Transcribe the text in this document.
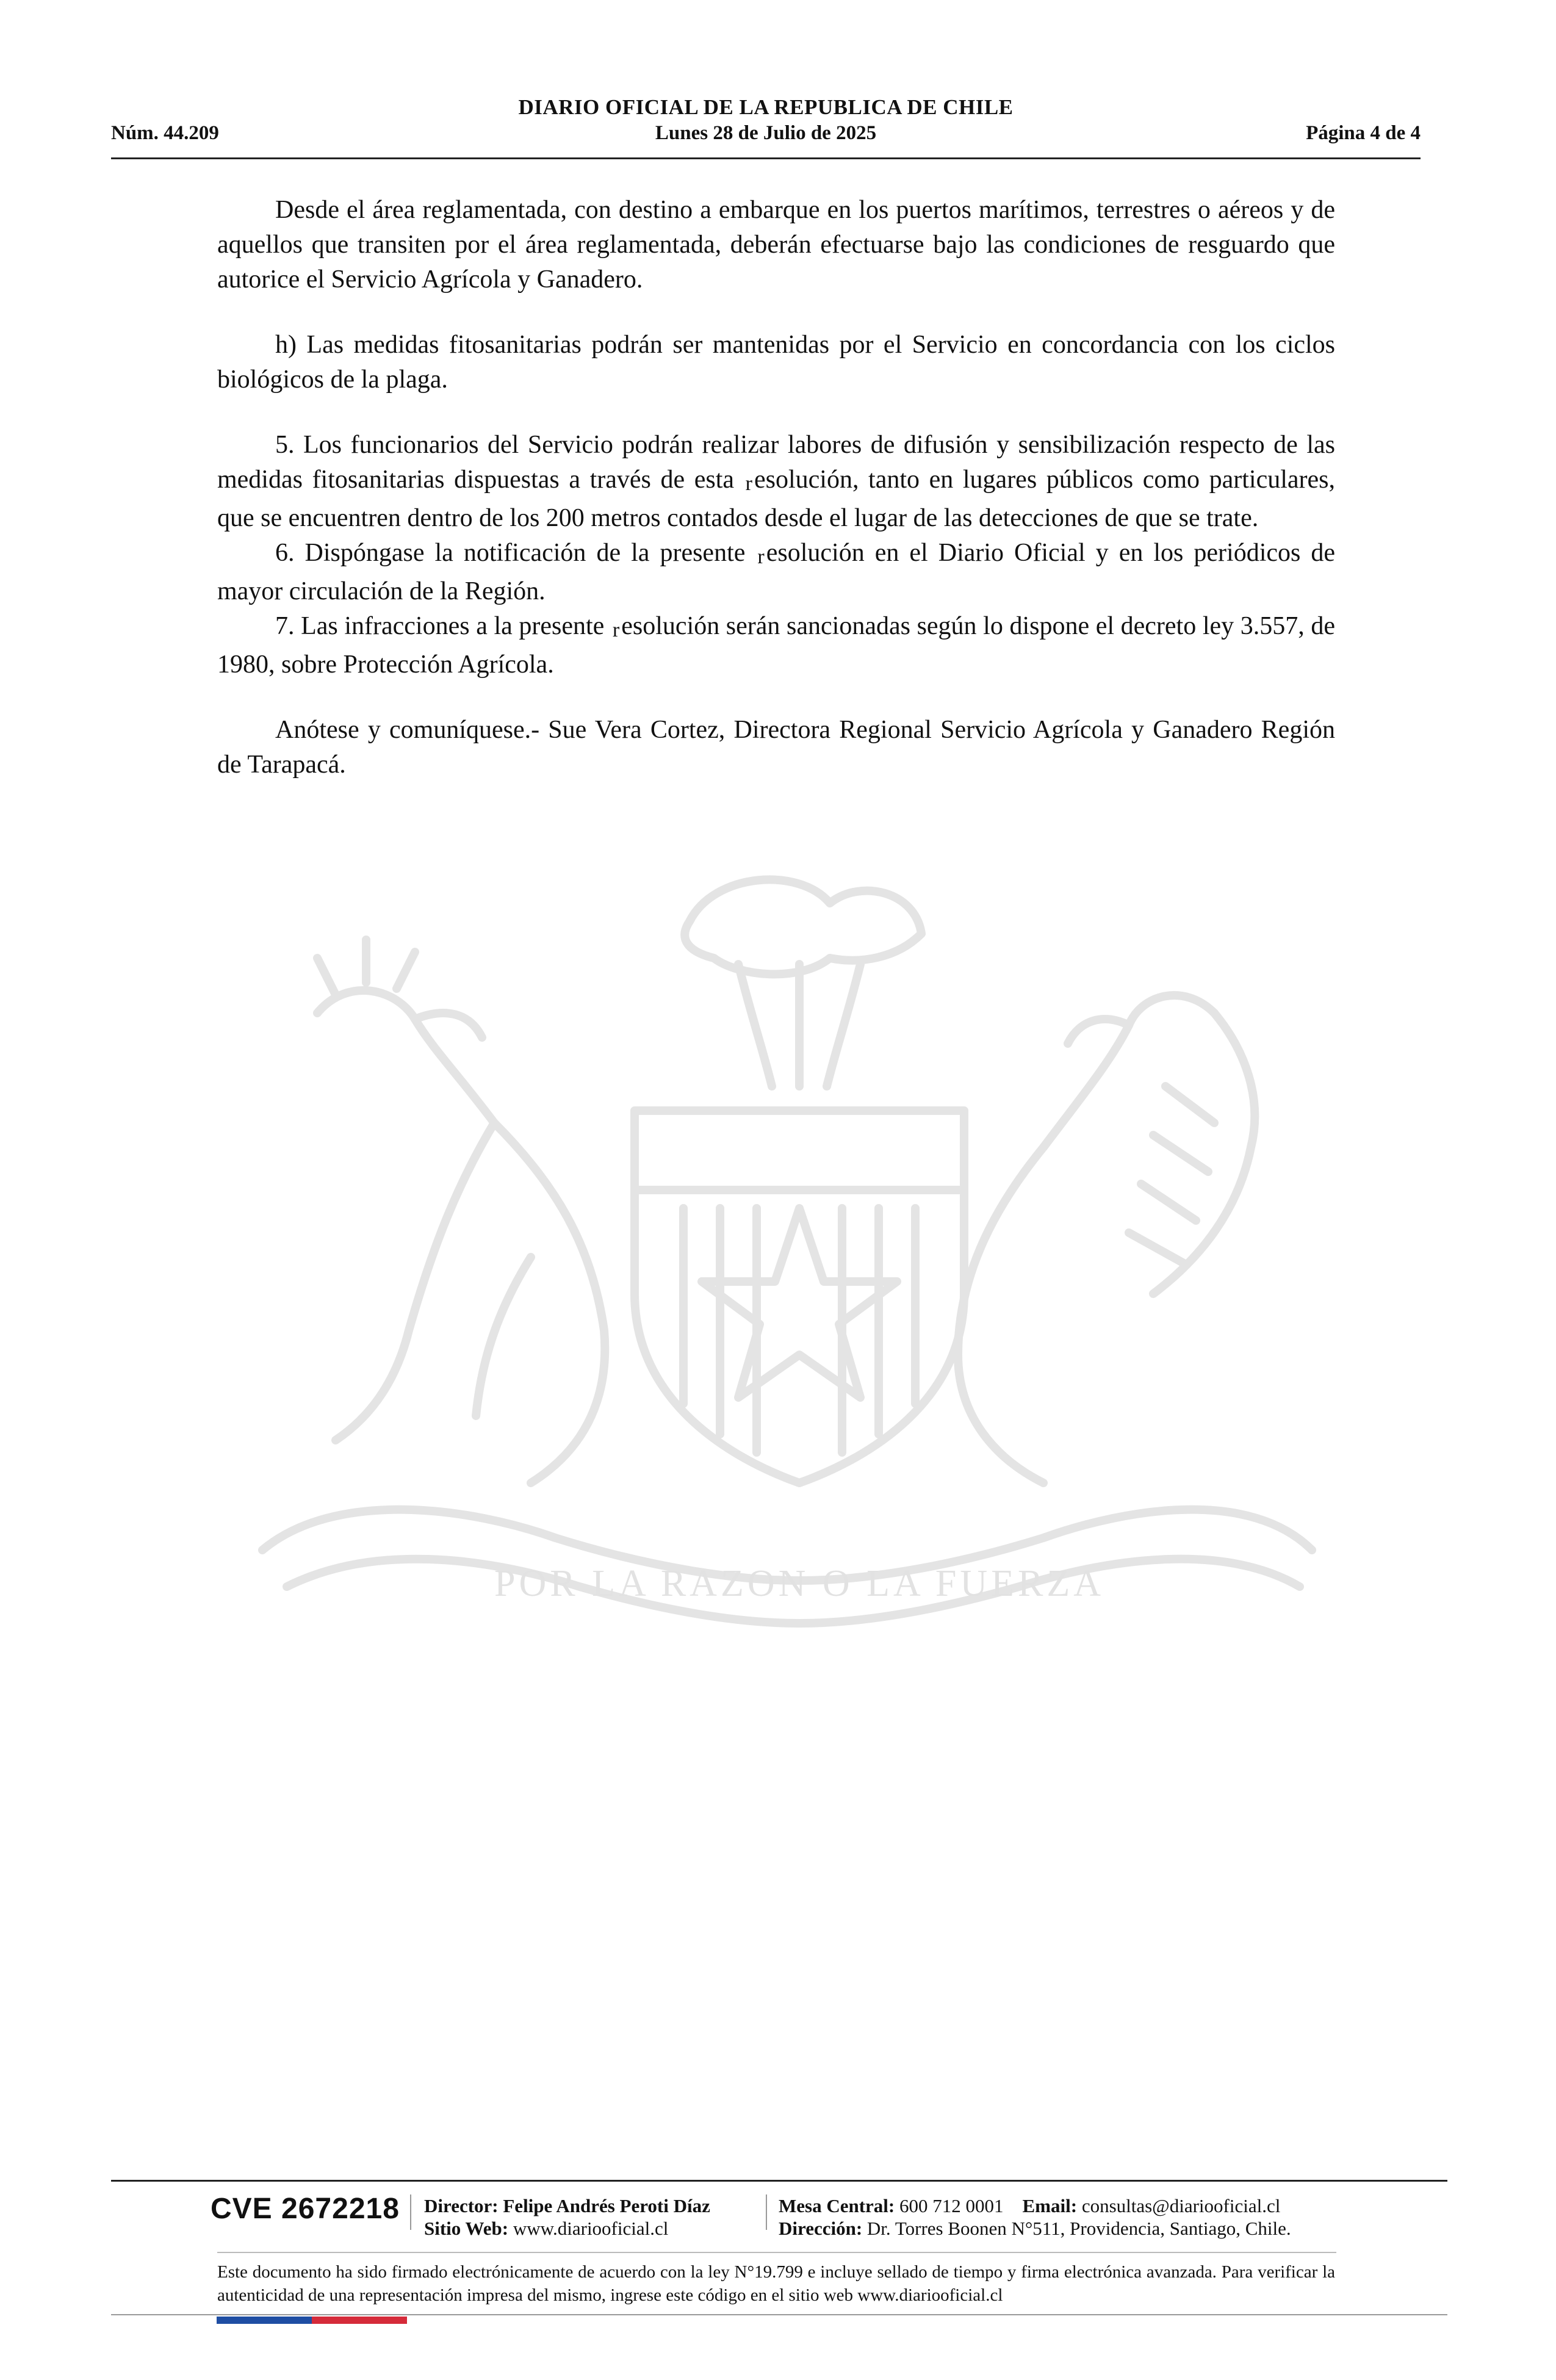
DIARIO OFICIAL DE LA REPUBLICA DE CHILE
Núm. 44.209	Lunes 28 de Julio de 2025	Página 4 de 4

Desde el área reglamentada, con destino a embarque en los puertos marítimos, terrestres o aéreos y de aquellos que transiten por el área reglamentada, deberán efectuarse bajo las condiciones de resguardo que autorice el Servicio Agrícola y Ganadero.

h) Las medidas fitosanitarias podrán ser mantenidas por el Servicio en concordancia con los ciclos biológicos de la plaga.

5. Los funcionarios del Servicio podrán realizar labores de difusión y sensibilización respecto de las medidas fitosanitarias dispuestas a través de esta resolución, tanto en lugares públicos como particulares, que se encuentren dentro de los 200 metros contados desde el lugar de las detecciones de que se trate.

6. Dispóngase la notificación de la presente resolución en el Diario Oficial y en los periódicos de mayor circulación de la Región.

7. Las infracciones a la presente resolución serán sancionadas según lo dispone el decreto ley 3.557, de 1980, sobre Protección Agrícola.

Anótese y comuníquese.- Sue Vera Cortez, Directora Regional Servicio Agrícola y Ganadero Región de Tarapacá.

POR LA RAZON O LA FUERZA
CVE 2672218 Director: Felipe Andrés Peroti Díaz
Sitio Web: www.diariooficial.cl
Mesa Central: 600 712 0001 Email: consultas@diariooficial.cl
Dirección: Dr. Torres Boonen N°511, Providencia, Santiago, Chile.
Este documento ha sido firmado electrónicamente de acuerdo con la ley N°19.799 e incluye sellado de tiempo y firma electrónica avanzada. Para verificar la autenticidad de una representación impresa del mismo, ingrese este código en el sitio web www.diariooficial.cl
